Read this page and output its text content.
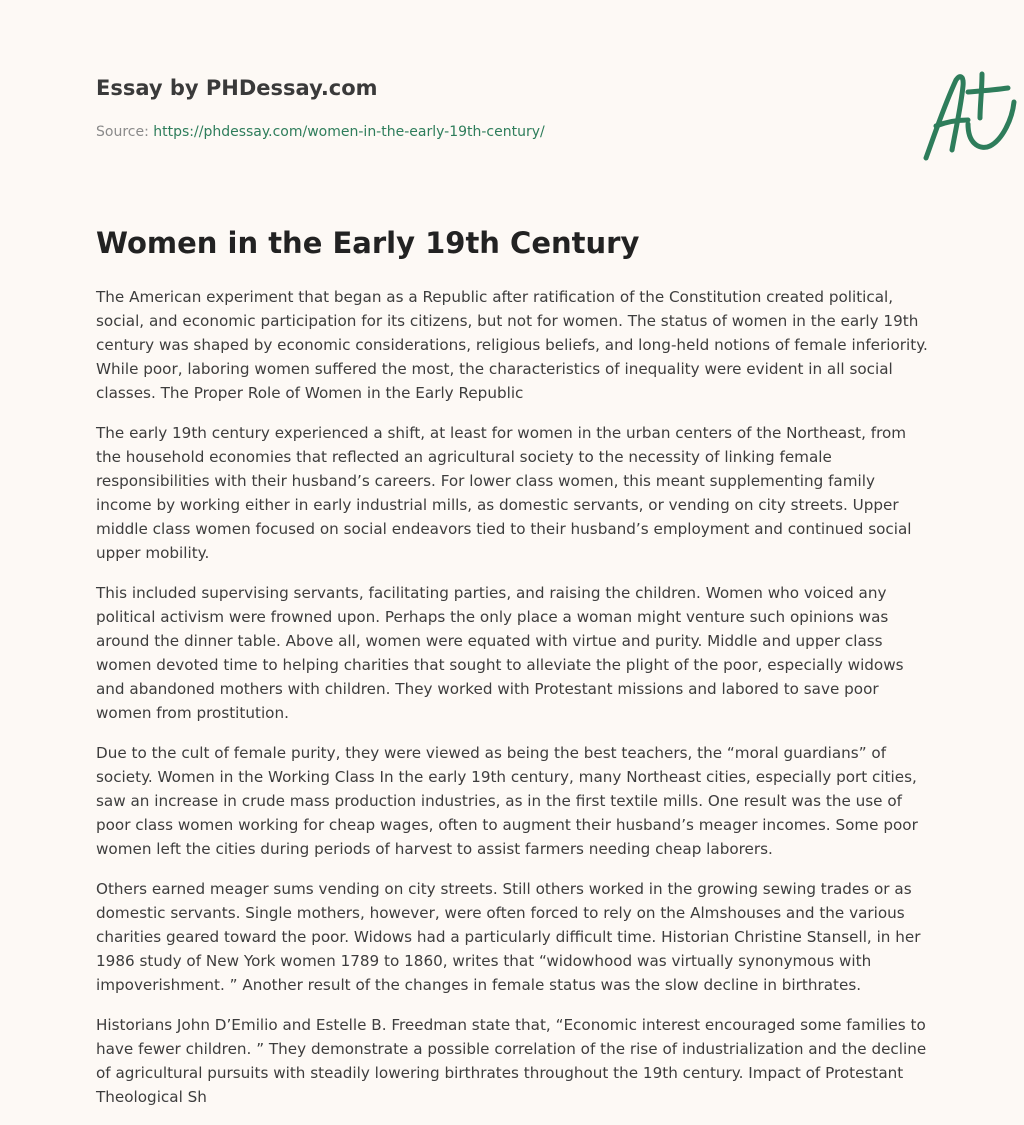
Essay by PHDessay.com
Source: https://phdessay.com/women-in-the-early-19th-century/
Women in the Early 19th Century

The American experiment that began as a Republic after ratification of the Constitution created political, social, and economic participation for its citizens, but not for women. The status of women in the early 19th century was shaped by economic considerations, religious beliefs, and long-held notions of female inferiority. While poor, laboring women suffered the most, the characteristics of inequality were evident in all social classes. The Proper Role of Women in the Early Republic

The early 19th century experienced a shift, at least for women in the urban centers of the Northeast, from the household economies that reflected an agricultural society to the necessity of linking female responsibilities with their husband’s careers. For lower class women, this meant supplementing family income by working either in early industrial mills, as domestic servants, or vending on city streets. Upper middle class women focused on social endeavors tied to their husband’s employment and continued social upper mobility.

This included supervising servants, facilitating parties, and raising the children. Women who voiced any political activism were frowned upon. Perhaps the only place a woman might venture such opinions was around the dinner table. Above all, women were equated with virtue and purity. Middle and upper class women devoted time to helping charities that sought to alleviate the plight of the poor, especially widows and abandoned mothers with children. They worked with Protestant missions and labored to save poor women from prostitution.

Due to the cult of female purity, they were viewed as being the best teachers, the “moral guardians” of society. Women in the Working Class In the early 19th century, many Northeast cities, especially port cities, saw an increase in crude mass production industries, as in the first textile mills. One result was the use of poor class women working for cheap wages, often to augment their husband’s meager incomes. Some poor women left the cities during periods of harvest to assist farmers needing cheap laborers.

Others earned meager sums vending on city streets. Still others worked in the growing sewing trades or as domestic servants. Single mothers, however, were often forced to rely on the Almshouses and the various charities geared toward the poor. Widows had a particularly difficult time. Historian Christine Stansell, in her 1986 study of New York women 1789 to 1860, writes that “widowhood was virtually synonymous with impoverishment. ” Another result of the changes in female status was the slow decline in birthrates.

Historians John D’Emilio and Estelle B. Freedman state that, “Economic interest encouraged some families to have fewer children. ” They demonstrate a possible correlation of the rise of industrialization and the decline of agricultural pursuits with steadily lowering birthrates throughout the 19th century. Impact of Protestant Theological Sh
